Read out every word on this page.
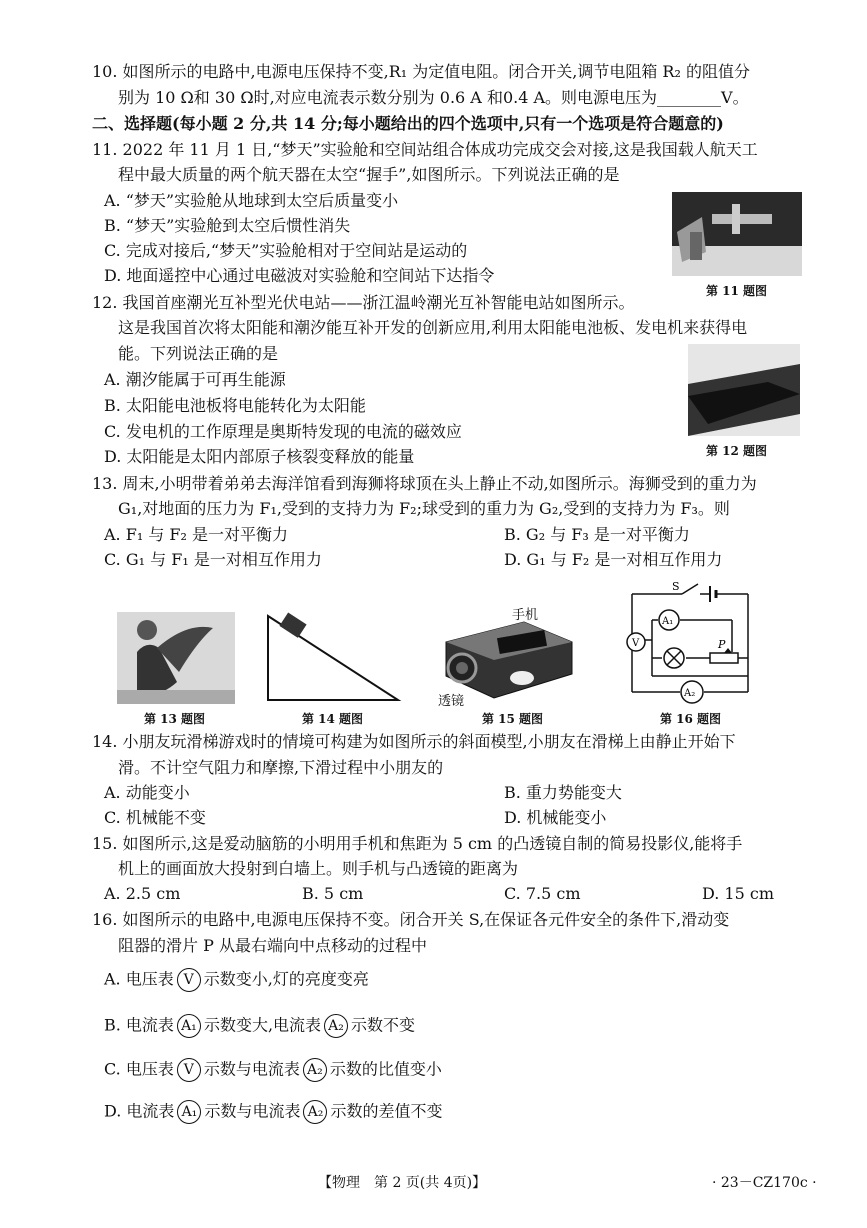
10. 如图所示的电路中,电源电压保持不变,R₁ 为定值电阻。闭合开关,调节电阻箱 R₂ 的阻值分
别为 10 Ω和 30 Ω时,对应电流表示数分别为 0.6 A 和0.4 A。则电源电压为________V。
二、选择题(每小题 2 分,共 14 分;每小题给出的四个选项中,只有一个选项是符合题意的)
11. 2022 年 11 月 1 日,“梦天”实验舱和空间站组合体成功完成交会对接,这是我国载人航天工
程中最大质量的两个航天器在太空“握手”,如图所示。下列说法正确的是
A. “梦天”实验舱从地球到太空后质量变小
B. “梦天”实验舱到太空后惯性消失
C. 完成对接后,“梦天”实验舱相对于空间站是运动的
D. 地面遥控中心通过电磁波对实验舱和空间站下达指令
第 11 题图
12. 我国首座潮光互补型光伏电站——浙江温岭潮光互补智能电站如图所示。
这是我国首次将太阳能和潮汐能互补开发的创新应用,利用太阳能电池板、发电机来获得电
能。下列说法正确的是
A. 潮汐能属于可再生能源
B. 太阳能电池板将电能转化为太阳能
C. 发电机的工作原理是奥斯特发现的电流的磁效应
D. 太阳能是太阳内部原子核裂变释放的能量	第 12 题图
13. 周末,小明带着弟弟去海洋馆看到海狮将球顶在头上静止不动,如图所示。海狮受到的重力为
G₁,对地面的压力为 F₁,受到的支持力为 F₂;球受到的重力为 G₂,受到的支持力为 F₃。则
A. F₁ 与 F₂ 是一对平衡力	B. G₂ 与 F₃ 是一对平衡力
C. G₁ 与 F₁ 是一对相互作用力	D. G₁ 与 F₂ 是一对相互作用力
第 13 题图	第 14 题图
手机
透镜
第 15 题图
S
A₁
V	P
A₂
第 16 题图
14. 小朋友玩滑梯游戏时的情境可构建为如图所示的斜面模型,小朋友在滑梯上由静止开始下
滑。不计空气阻力和摩擦,下滑过程中小朋友的
A. 动能变小	B. 重力势能变大
C. 机械能不变	D. 机械能变小
15. 如图所示,这是爱动脑筋的小明用手机和焦距为 5 cm 的凸透镜自制的简易投影仪,能将手
机上的画面放大投射到白墙上。则手机与凸透镜的距离为
A. 2.5 cm	B. 5 cm	C. 7.5 cm	D. 15 cm
16. 如图所示的电路中,电源电压保持不变。闭合开关 S,在保证各元件安全的条件下,滑动变
阻器的滑片 P 从最右端向中点移动的过程中
A. 电压表 V 示数变小,灯的亮度变亮
B. 电流表 A₁ 示数变大,电流表 A₂ 示数不变
C. 电压表 V 示数与电流表 A₂ 示数的比值变小
D. 电流表 A₁ 示数与电流表 A₂ 示数的差值不变
【物理　第 2 页(共 4页)】	· 23－CZ170c ·
